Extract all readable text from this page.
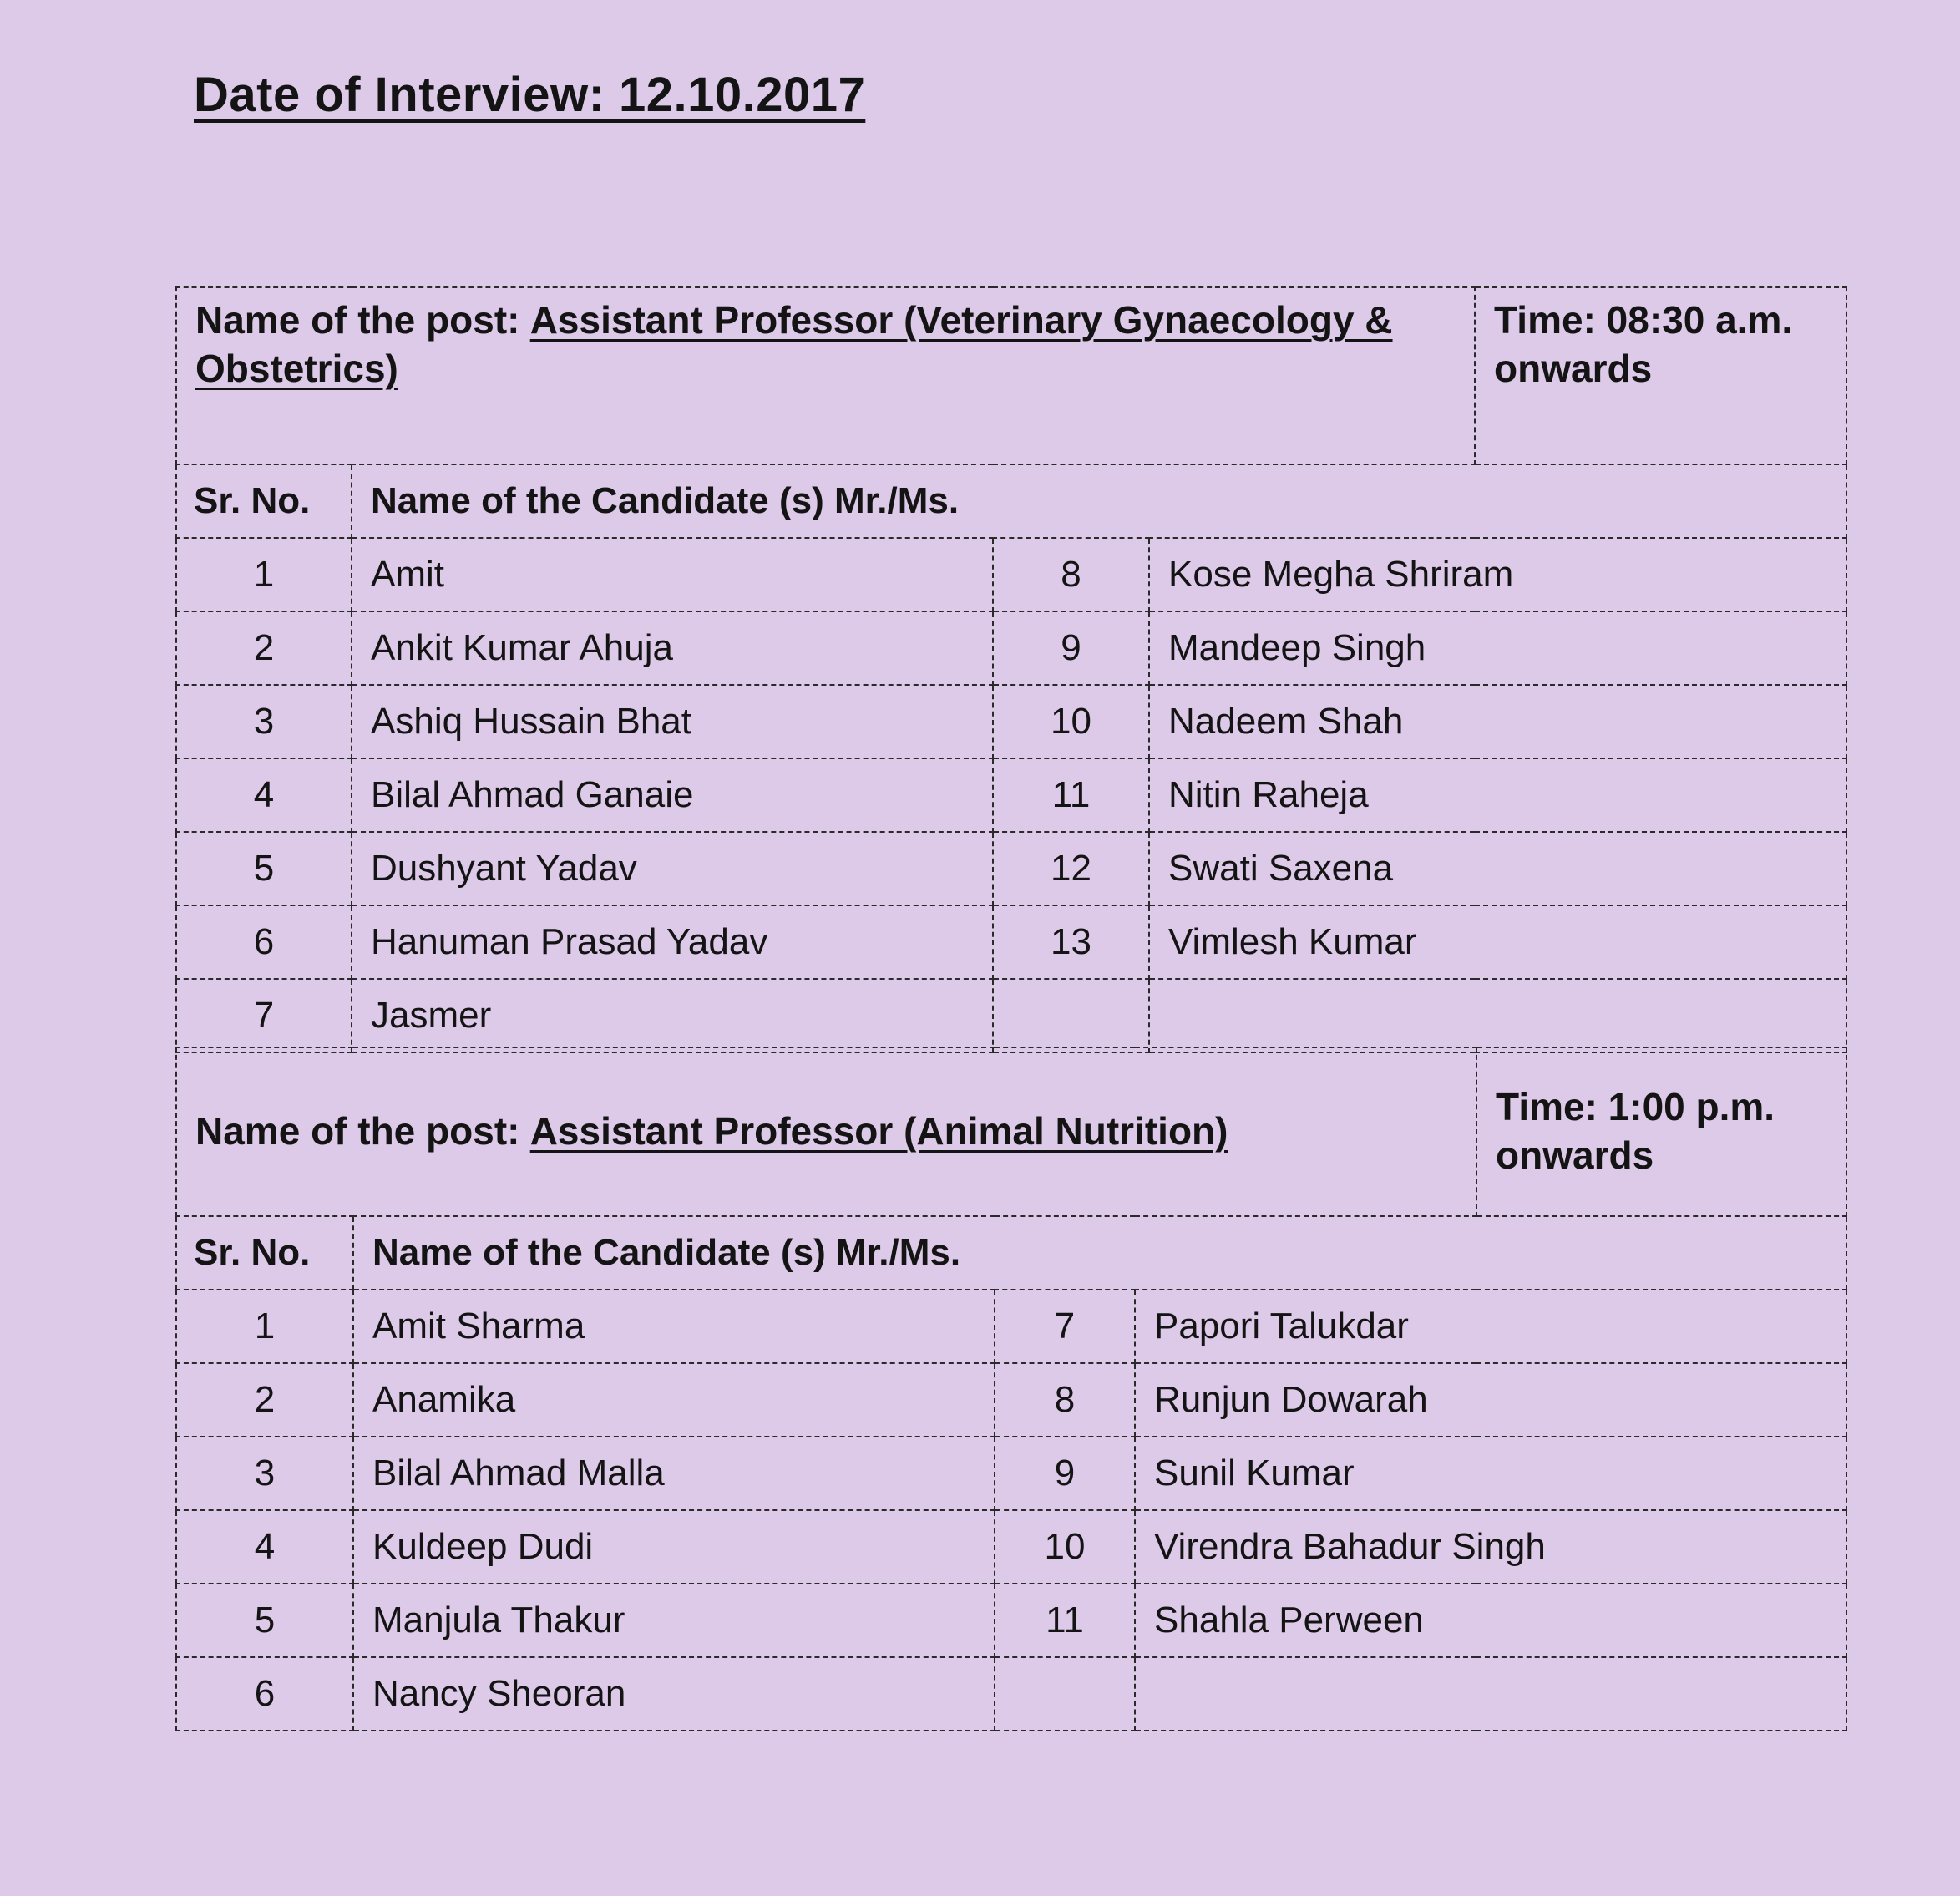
Date of Interview: 12.10.2017
Name of the post: Assistant Professor (Veterinary Gynaecology & Obstetrics)				Time: 08:30 a.m. onwards
Sr. No.	Name of the Candidate (s) Mr./Ms.			
1	Amit	8	Kose Megha Shriram	
2	Ankit Kumar Ahuja	9	Mandeep Singh	
3	Ashiq Hussain Bhat	10	Nadeem Shah	
4	Bilal Ahmad Ganaie	11	Nitin Raheja	
5	Dushyant Yadav	12	Swati Saxena	
6	Hanuman Prasad Yadav	13	Vimlesh Kumar	
7	Jasmer			
Name of the post: Assistant Professor (Animal Nutrition)				Time: 1:00 p.m. onwards
Sr. No.	Name of the Candidate (s) Mr./Ms.			
1	Amit Sharma	7	Papori Talukdar	
2	Anamika	8	Runjun Dowarah	
3	Bilal Ahmad Malla	9	Sunil Kumar	
4	Kuldeep Dudi	10	Virendra Bahadur Singh	
5	Manjula Thakur	11	Shahla Perween	
6	Nancy Sheoran			
